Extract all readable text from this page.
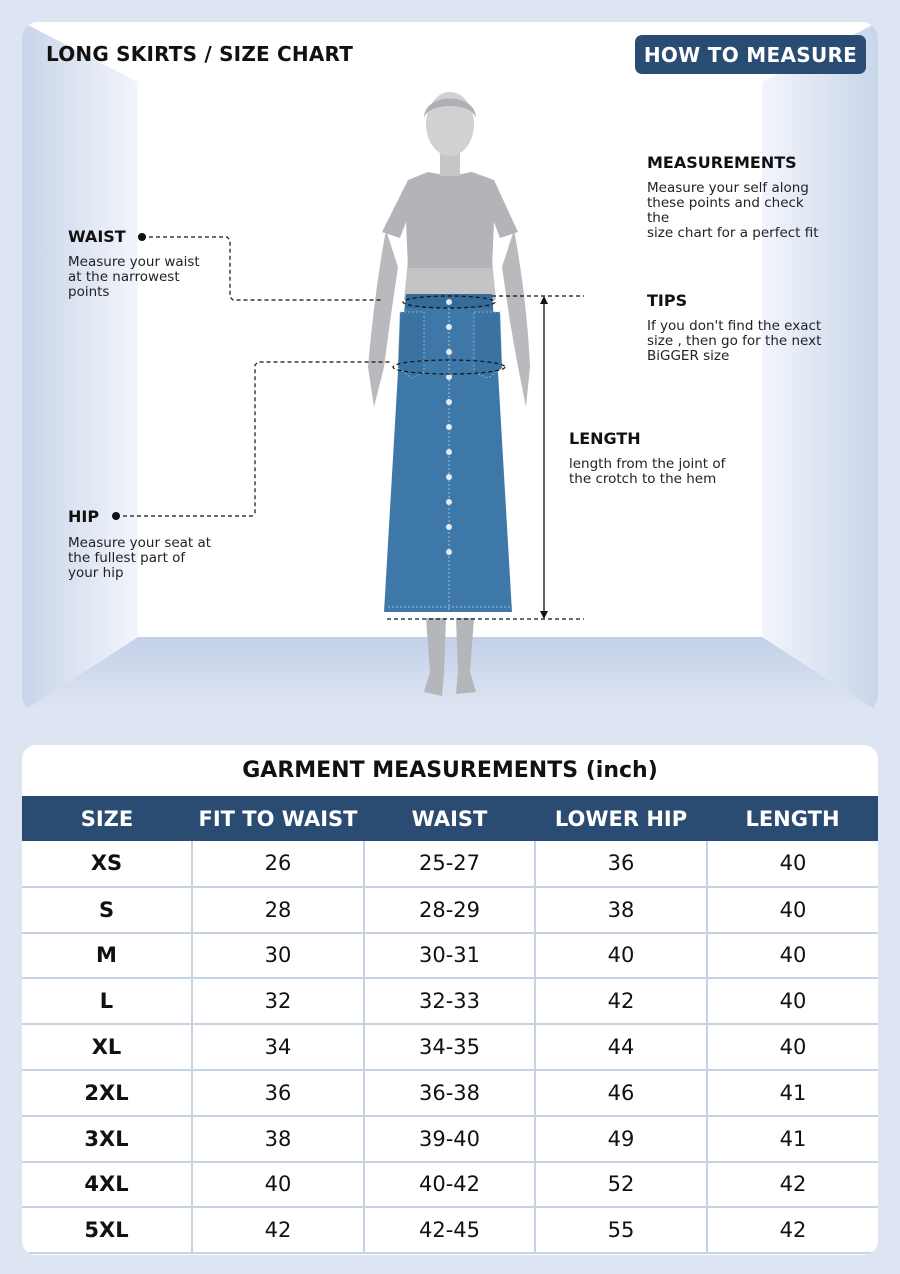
LONG SKIRTS / SIZE CHART	HOW TO MEASURE
WAIST
Measure your waist
at the narrowest
points
HIP
Measure your seat at
the fullest part of
your hip
MEASUREMENTS
Measure your self along
these points and check
the
size chart for a perfect fit
TIPS
If you don't find the exact
size , then go for the next
BiGGER size
LENGTH
length from the joint of
the crotch to the hem
GARMENT MEASUREMENTS (inch)
SIZE	FIT TO WAIST	WAIST	LOWER HIP	LENGTH
XS	26	25-27	36	40
S	28	28-29	38	40
M	30	30-31	40	40
L	32	32-33	42	40
XL	34	34-35	44	40
2XL	36	36-38	46	41
3XL	38	39-40	49	41
4XL	40	40-42	52	42
5XL	42	42-45	55	42
